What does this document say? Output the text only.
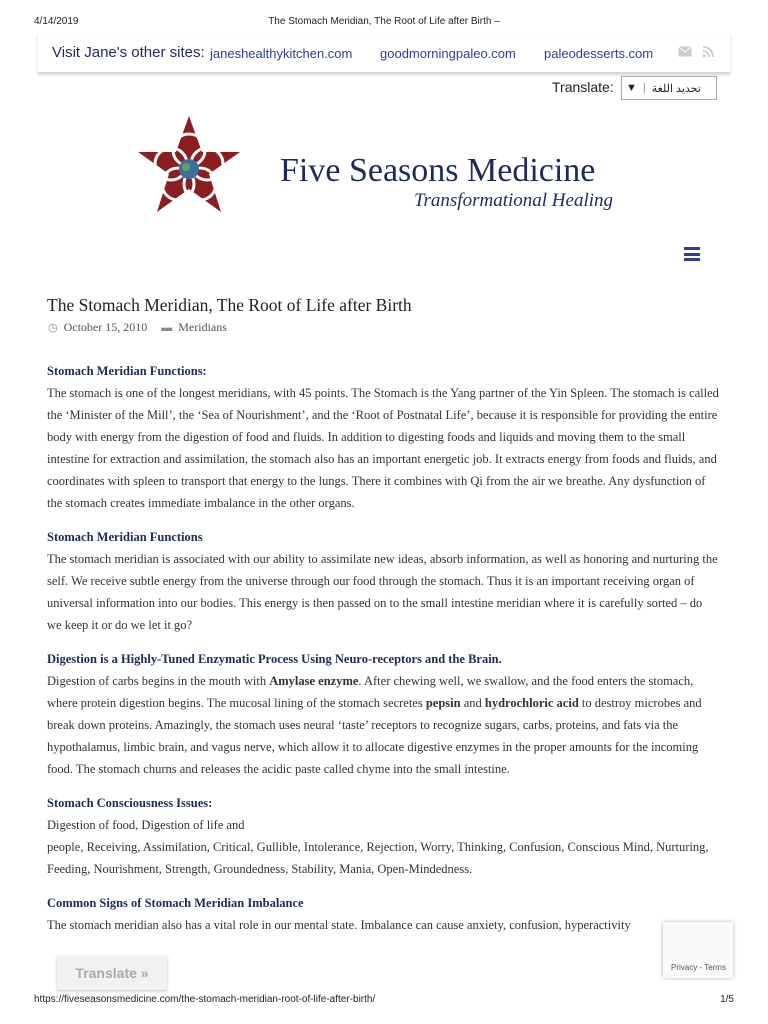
4/14/2019	The Stomach Meridian, The Root of Life after Birth –
Visit Jane's other sites: janeshealthykitchen.com goodmorningpaleo.com paleodesserts.com
Translate: ▼ | تحديد اللغة
Five Seasons Medicine
Transformational Healing
The Stomach Meridian, The Root of Life after Birth
◷ October 15, 2010 ▬ Meridians
Stomach Meridian Functions:

The stomach is one of the longest meridians, with 45 points. The Stomach is the Yang partner of the Yin Spleen. The stomach is called the ‘Minister of the Mill’, the ‘Sea of Nourishment’, and the ‘Root of Postnatal Life’, because it is responsible for providing the entire body with energy from the digestion of food and fluids. In addition to digesting foods and liquids and moving them to the small intestine for extraction and assimilation, the stomach also has an important energetic job. It extracts energy from foods and fluids, and coordinates with spleen to transport that energy to the lungs. There it combines with Qi from the air we breathe. Any dysfunction of the stomach creates immediate imbalance in the other organs.

Stomach Meridian Functions

The stomach meridian is associated with our ability to assimilate new ideas, absorb information, as well as honoring and nurturing the self. We receive subtle energy from the universe through our food through the stomach. Thus it is an important receiving organ of universal information into our bodies. This energy is then passed on to the small intestine meridian where it is carefully sorted – do we keep it or do we let it go?

Digestion is a Highly-Tuned Enzymatic Process Using Neuro-receptors and the Brain.

Digestion of carbs begins in the mouth with Amylase enzyme. After chewing well, we swallow, and the food enters the stomach, where protein digestion begins. The mucosal lining of the stomach secretes pepsin and hydrochloric acid to destroy microbes and break down proteins. Amazingly, the stomach uses neural ‘taste’ receptors to recognize sugars, carbs, proteins, and fats via the hypothalamus, limbic brain, and vagus nerve, which allow it to allocate digestive enzymes in the proper amounts for the incoming food. The stomach churns and releases the acidic paste called chyme into the small intestine.

Stomach Consciousness Issues:

Digestion of food, Digestion of life and
people, Receiving, Assimilation, Critical, Gullible, Intolerance, Rejection, Worry, Thinking, Confusion, Conscious Mind, Nurturing, Feeding, Nourishment, Strength, Groundedness, Stability, Mania, Open-Mindedness.

Common Signs of Stomach Meridian Imbalance

The stomach meridian also has a vital role in our mental state. Imbalance can cause anxiety, confusion, hyperactivity

Translate »	Privacy - Terms
https://fiveseasonsmedicine.com/the-stomach-meridian-root-of-life-after-birth/	1/5
